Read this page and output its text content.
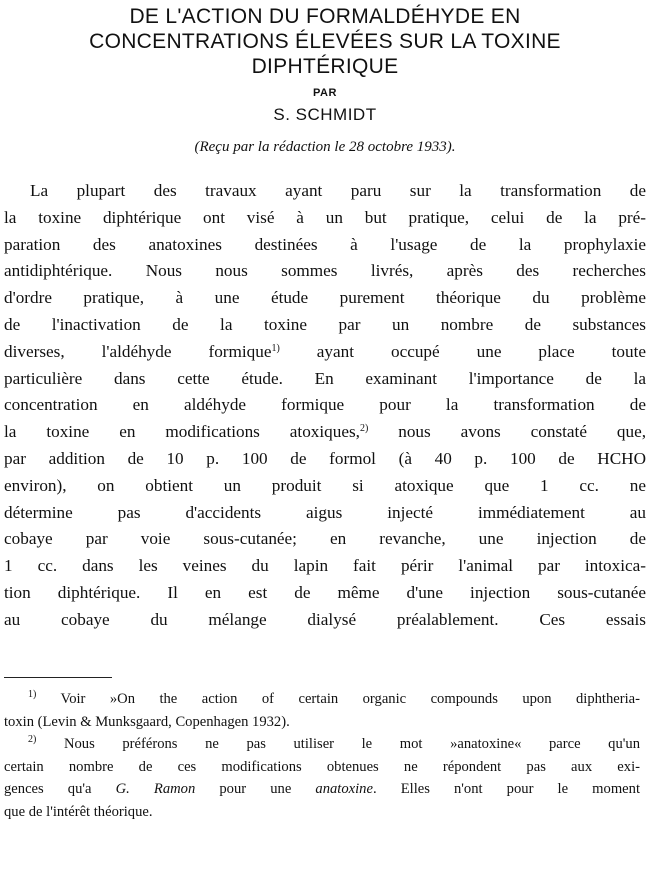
DE L'ACTION DU FORMALDÉHYDE EN
CONCENTRATIONS ÉLEVÉES SUR LA TOXINE
DIPHTÉRIQUE
PAR
S. SCHMIDT
(Reçu par la rédaction le 28 octobre 1933).
La plupart des travaux ayant paru sur la transformation de
la toxine diphtérique ont visé à un but pratique, celui de la pré-
paration des anatoxines destinées à l'usage de la prophylaxie
antidiphtérique. Nous nous sommes livrés, après des recherches
d'ordre pratique, à une étude purement théorique du problème
de l'inactivation de la toxine par un nombre de substances
diverses, l'aldéhyde formique$^{1)}$ ayant occupé une place toute
particulière dans cette étude. En examinant l'importance de la
concentration en aldéhyde formique pour la transformation de
la toxine en modifications atoxiques,$^{2)}$ nous avons constaté que,
par addition de 10 p. 100 de formol (à 40 p. 100 de HCHO
environ), on obtient un produit si atoxique que 1 cc. ne
détermine pas d'accidents aigus injecté immédiatement au
cobaye par voie sous-cutanée; en revanche, une injection de
1 cc. dans les veines du lapin fait périr l'animal par intoxica-
tion diphtérique. Il en est de même d'une injection sous-cutanée
au cobaye du mélange dialysé préalablement. Ces essais
$^{1)}$ Voir »On the action of certain organic compounds upon diphtheria-
toxin (Levin & Munksgaard, Copenhagen 1932).
$^{2)}$ Nous préférons ne pas utiliser le mot »anatoxine« parce qu'un
certain nombre de ces modifications obtenues ne répondent pas aux exi-
gences qu'a G. Ramon pour une anatoxine. Elles n'ont pour le moment
que de l'intérêt théorique.
